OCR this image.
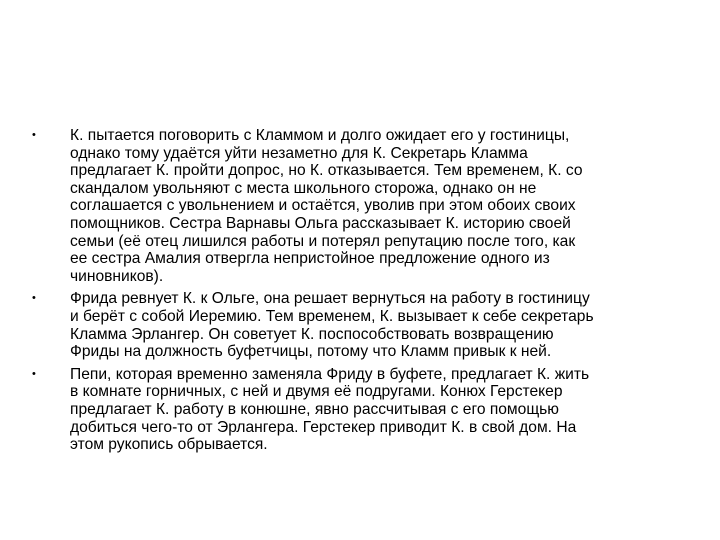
•	К. пытается поговорить с Кламмом и долго ожидает его у гостиницы,
однако тому удаётся уйти незаметно для К. Секретарь Кламма
предлагает К. пройти допрос, но К. отказывается. Тем временем, К. со
скандалом увольняют с места школьного сторожа, однако он не
соглашается с увольнением и остаётся, уволив при этом обоих своих
помощников. Сестра Варнавы Ольга рассказывает К. историю своей
семьи (её отец лишился работы и потерял репутацию после того, как
ее сестра Амалия отвергла непристойное предложение одного из
чиновников).
•	Фрида ревнует К. к Ольге, она решает вернуться на работу в гостиницу
и берёт с собой Иеремию. Тем временем, К. вызывает к себе секретарь
Кламма Эрлангер. Он советует К. поспособствовать возвращению
Фриды на должность буфетчицы, потому что Кламм привык к ней.
•	Пепи, которая временно заменяла Фриду в буфете, предлагает К. жить
в комнате горничных, с ней и двумя её подругами. Конюх Герстекер
предлагает К. работу в конюшне, явно рассчитывая с его помощью
добиться чего-то от Эрлангера. Герстекер приводит К. в свой дом. На
этом рукопись обрывается.
